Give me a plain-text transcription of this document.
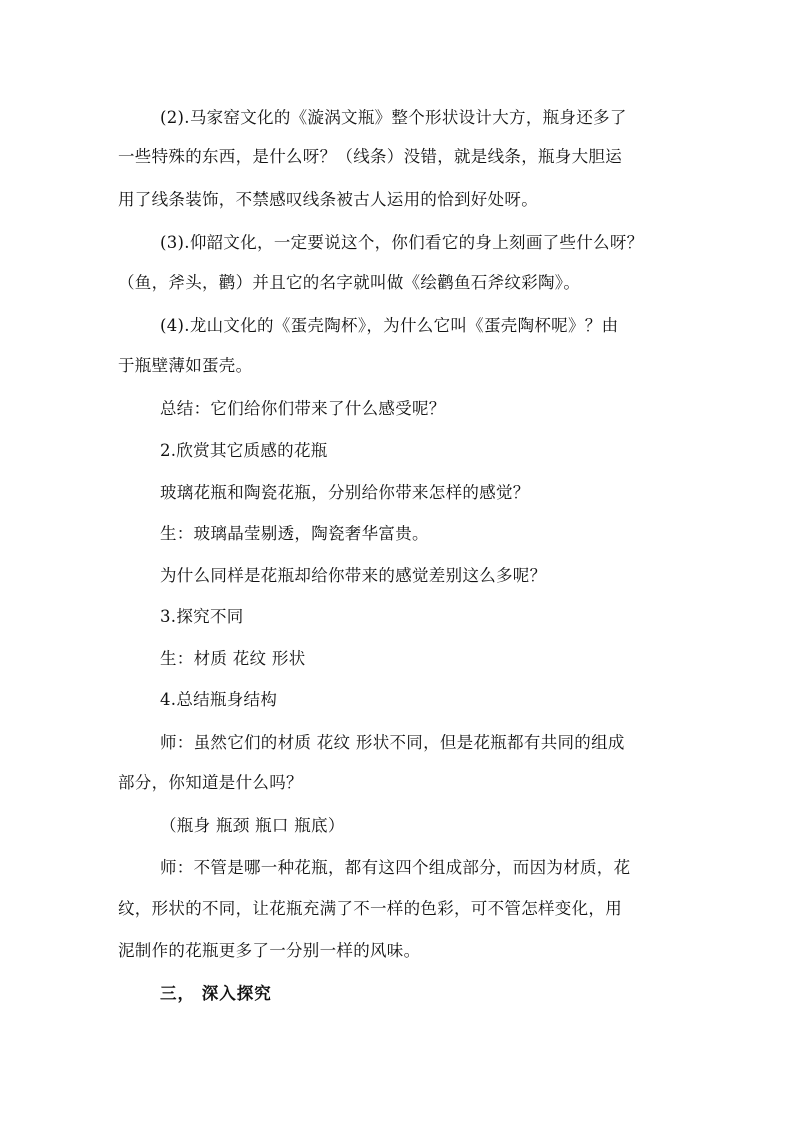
(2).马家窑文化的《漩涡文瓶》整个形状设计大方，瓶身还多了
一些特殊的东西，是什么呀？（线条）没错，就是线条，瓶身大胆运
用了线条装饰，不禁感叹线条被古人运用的恰到好处呀。
(3).仰韶文化，一定要说这个，你们看它的身上刻画了些什么呀？
（鱼，斧头，鹳）并且它的名字就叫做《绘鹳鱼石斧纹彩陶》。
(4).龙山文化的《蛋壳陶杯》，为什么它叫《蛋壳陶杯呢》？由
于瓶壁薄如蛋壳。
总结：它们给你们带来了什么感受呢？
2.欣赏其它质感的花瓶
玻璃花瓶和陶瓷花瓶，分别给你带来怎样的感觉？
生：玻璃晶莹剔透，陶瓷奢华富贵。
为什么同样是花瓶却给你带来的感觉差别这么多呢？
3.探究不同
生：材质 花纹 形状
4.总结瓶身结构
师：虽然它们的材质 花纹 形状不同，但是花瓶都有共同的组成
部分，你知道是什么吗？
（瓶身 瓶颈 瓶口 瓶底）
师：不管是哪一种花瓶，都有这四个组成部分，而因为材质，花
纹，形状的不同，让花瓶充满了不一样的色彩，可不管怎样变化，用
泥制作的花瓶更多了一分别一样的风味。
三， 深入探究
